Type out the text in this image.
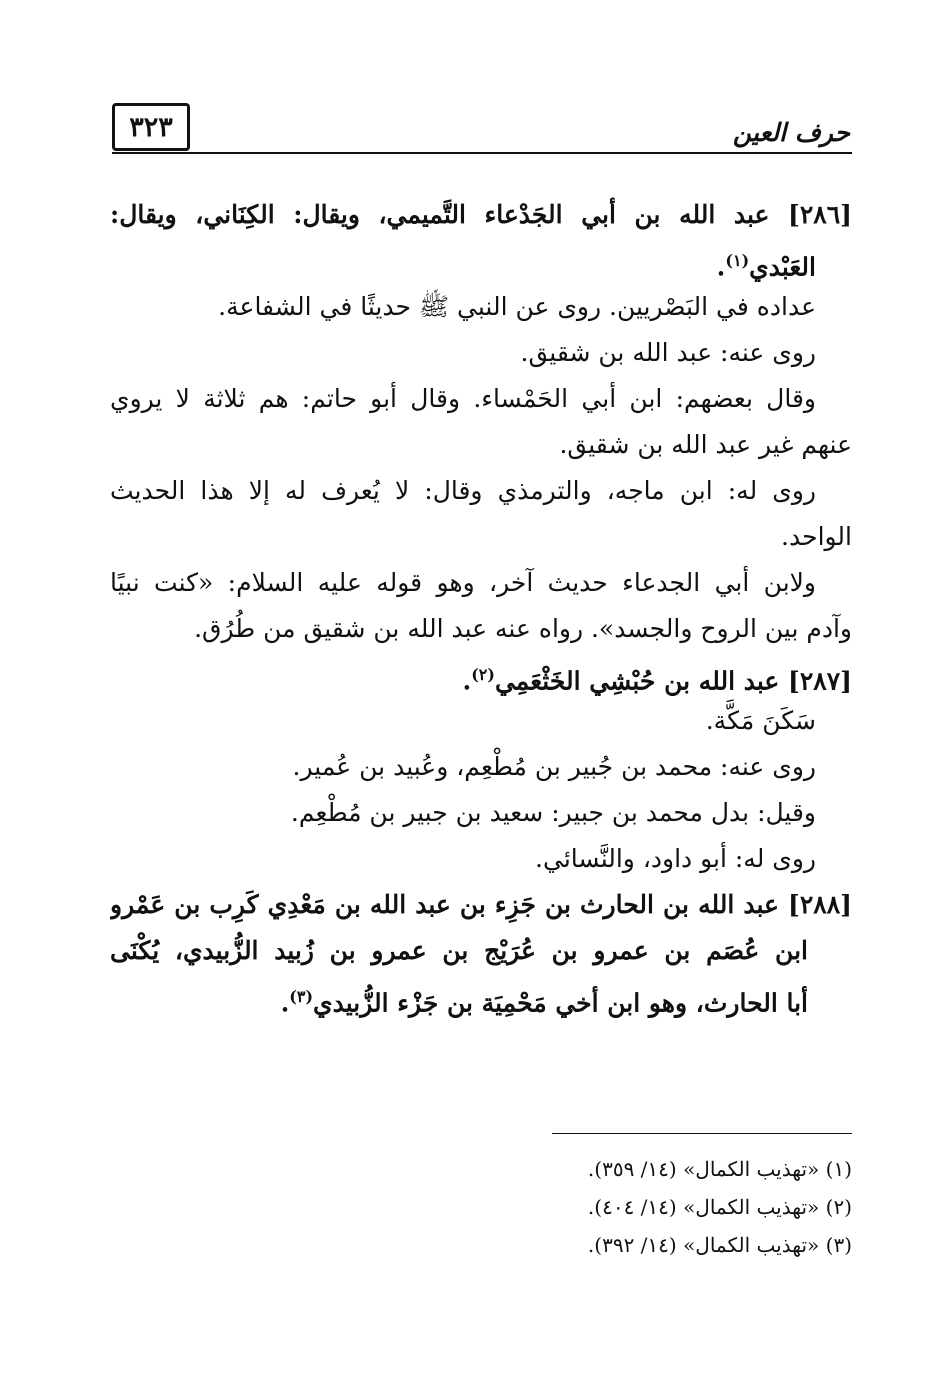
٣٢٣	حرف العين
[٢٨٦] عبد الله بن أبي الجَدْعاء التَّميمي، ويقال: الكِنَاني، ويقال:
العَبْدي$^{(١)}$.
عداده في البَصْريين. روى عن النبي ﷺ حديثًا في الشفاعة.
روى عنه: عبد الله بن شقيق.
وقال بعضهم: ابن أبي الحَمْساء. وقال أبو حاتم: هم ثلاثة لا يروي
عنهم غير عبد الله بن شقيق.
روى له: ابن ماجه، والترمذي وقال: لا يُعرف له إلا هذا الحديث
الواحد.
ولابن أبي الجدعاء حديث آخر، وهو قوله عليه السلام: «كنت نبيًا
وآدم بين الروح والجسد». رواه عنه عبد الله بن شقيق من طُرُق.
[٢٨٧] عبد الله بن حُبْشِي الخَثْعَمِي$^{(٢)}$.
سَكَنَ مَكَّة.
روى عنه: محمد بن جُبير بن مُطْعِم، وعُبيد بن عُمير.
وقيل: بدل محمد بن جبير: سعيد بن جبير بن مُطْعِم.
روى له: أبو داود، والنَّسائي.
[٢٨٨] عبد الله بن الحارث بن جَزِء بن عبد الله بن مَعْدِي كَرِب بن عَمْرو
ابن عُصَم بن عمرو بن عُرَيْج بن عمرو بن زُبيد الزُّبيدي، يُكْنَى
أبا الحارث، وهو ابن أخي مَحْمِيَة بن جَزْء الزُّبيدي$^{(٣)}$.
(١) «تهذيب الكمال» (١٤/ ٣٥٩).
(٢) «تهذيب الكمال» (١٤/ ٤٠٤).
(٣) «تهذيب الكمال» (١٤/ ٣٩٢).
